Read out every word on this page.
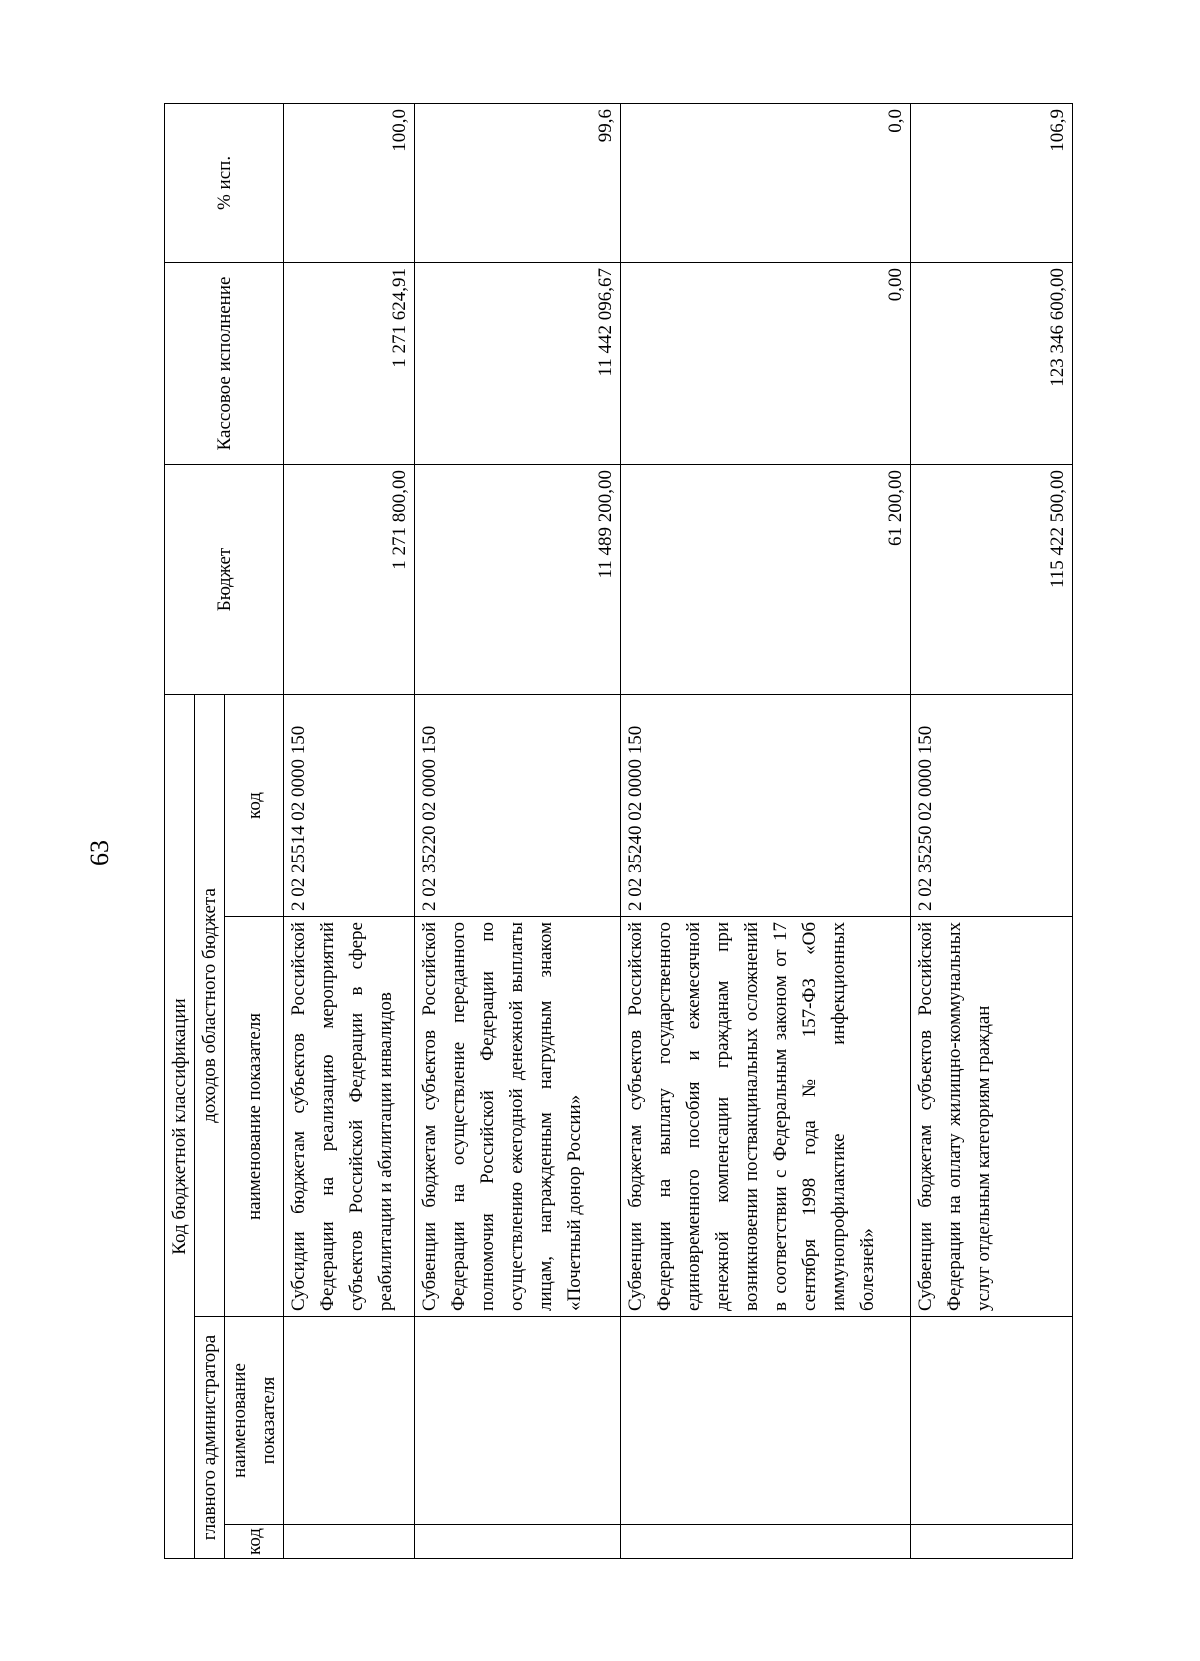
63
Код бюджетной классификации				Бюджет	Кассовое исполнение	% исп.
главного администратора		доходов областного бюджета				
код	наименование показателя	наименование показателя	код			
		Субсидии бюджетам субъектов Российской Федерации на реализацию мероприятий субъектов Российской Федерации в сфере реабилитации и абилитации инвалидов	2 02 25514 02 0000 150	1 271 800,00	1 271 624,91	100,0
		Субвенции бюджетам субъектов Российской Федерации на осуществление переданного полномочия Российской Федерации по осуществлению ежегодной денежной выплаты лицам, награжденным нагрудным знаком «Почетный донор России»	2 02 35220 02 0000 150	11 489 200,00	11 442 096,67	99,6
		Субвенции бюджетам субъектов Российской Федерации на выплату государственного единовременного пособия и ежемесячной денежной компенсации гражданам при возникновении поствакцинальных осложнений в соответствии с Федеральным законом от 17 сентября 1998 года № 157-ФЗ «Об иммунопрофилактике инфекционных болезней»	2 02 35240 02 0000 150	61 200,00	0,00	0,0
		Субвенции бюджетам субъектов Российской Федерации на оплату жилищно-коммунальных услуг отдельным категориям граждан	2 02 35250 02 0000 150	115 422 500,00	123 346 600,00	106,9
